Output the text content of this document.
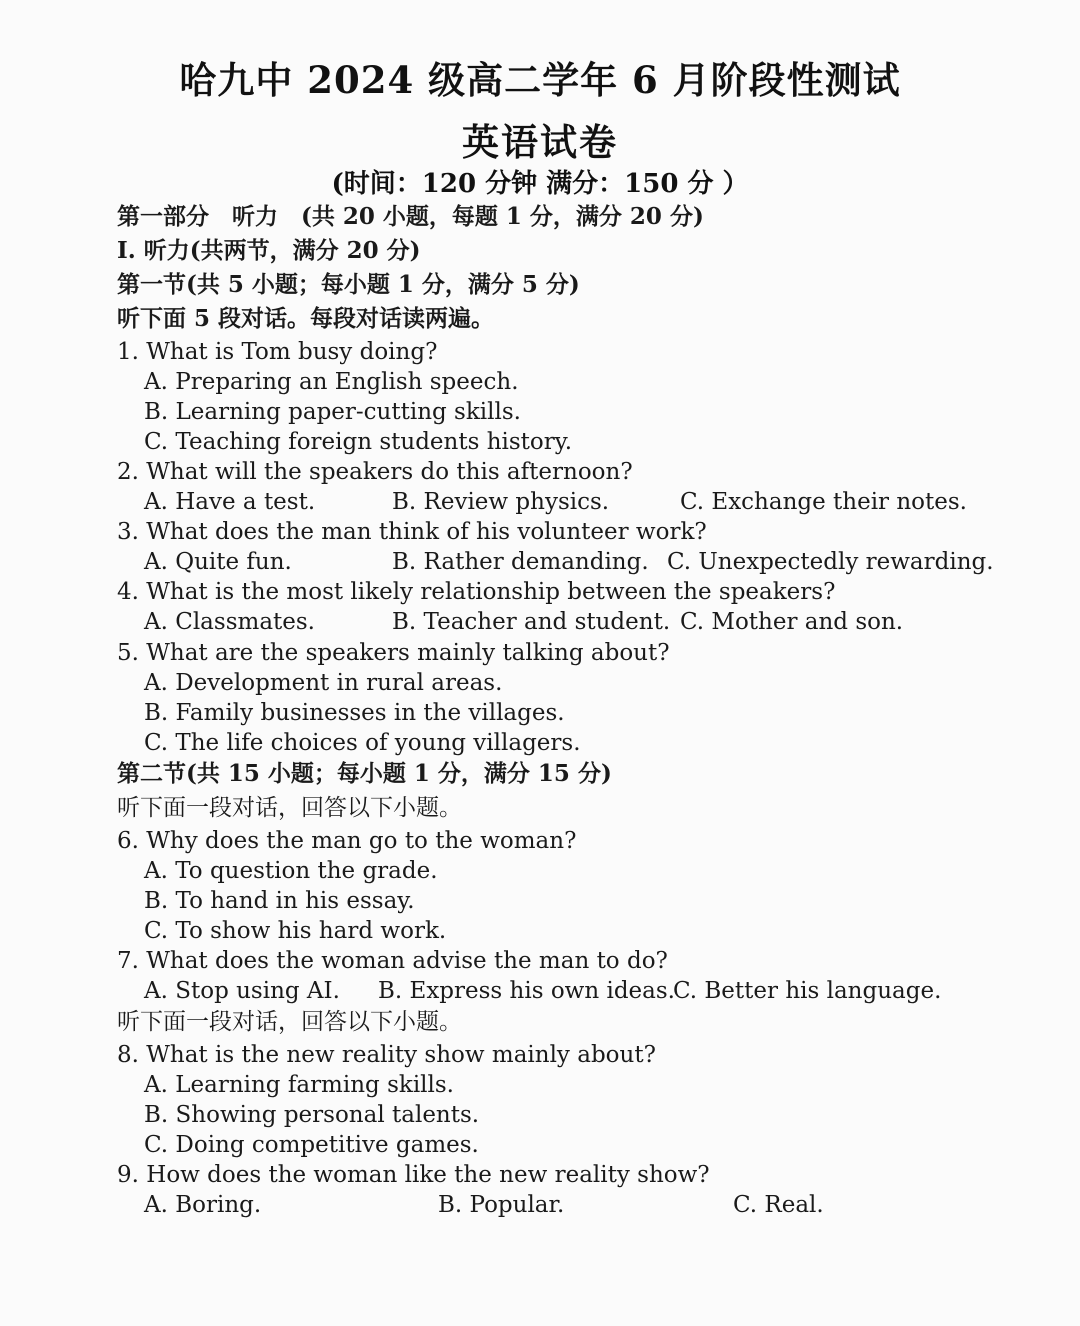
哈九中 2024 级高二学年 6 月阶段性测试
英语试卷
(时间：120 分钟 满分：150 分 ）
第一部分　听力　(共 20 小题，每题 1 分，满分 20 分)
I. 听力(共两节，满分 20 分)
第一节(共 5 小题；每小题 1 分，满分 5 分)
听下面 5 段对话。每段对话读两遍。
1. What is Tom busy doing?
A. Preparing an English speech.
B. Learning paper-cutting skills.
C. Teaching foreign students history.
2. What will the speakers do this afternoon?
A. Have a test.	B. Review physics.	C. Exchange their notes.
3. What does the man think of his volunteer work?
A. Quite fun.	B. Rather demanding. C. Unexpectedly rewarding.
4. What is the most likely relationship between the speakers?
A. Classmates.	B. Teacher and student. C. Mother and son.
5. What are the speakers mainly talking about?
A. Development in rural areas.
B. Family businesses in the villages.
C. The life choices of young villagers.
第二节(共 15 小题；每小题 1 分，满分 15 分)
听下面一段对话，回答以下小题。
6. Why does the man go to the woman?
A. To question the grade.
B. To hand in his essay.
C. To show his hard work.
7. What does the woman advise the man to do?
A. Stop using AI. B. Express his own ideas.
C. Better his language.
听下面一段对话，回答以下小题。
8. What is the new reality show mainly about?
A. Learning farming skills.
B. Showing personal talents.
C. Doing competitive games.
9. How does the woman like the new reality show?
A. Boring.	B. Popular.	C. Real.
